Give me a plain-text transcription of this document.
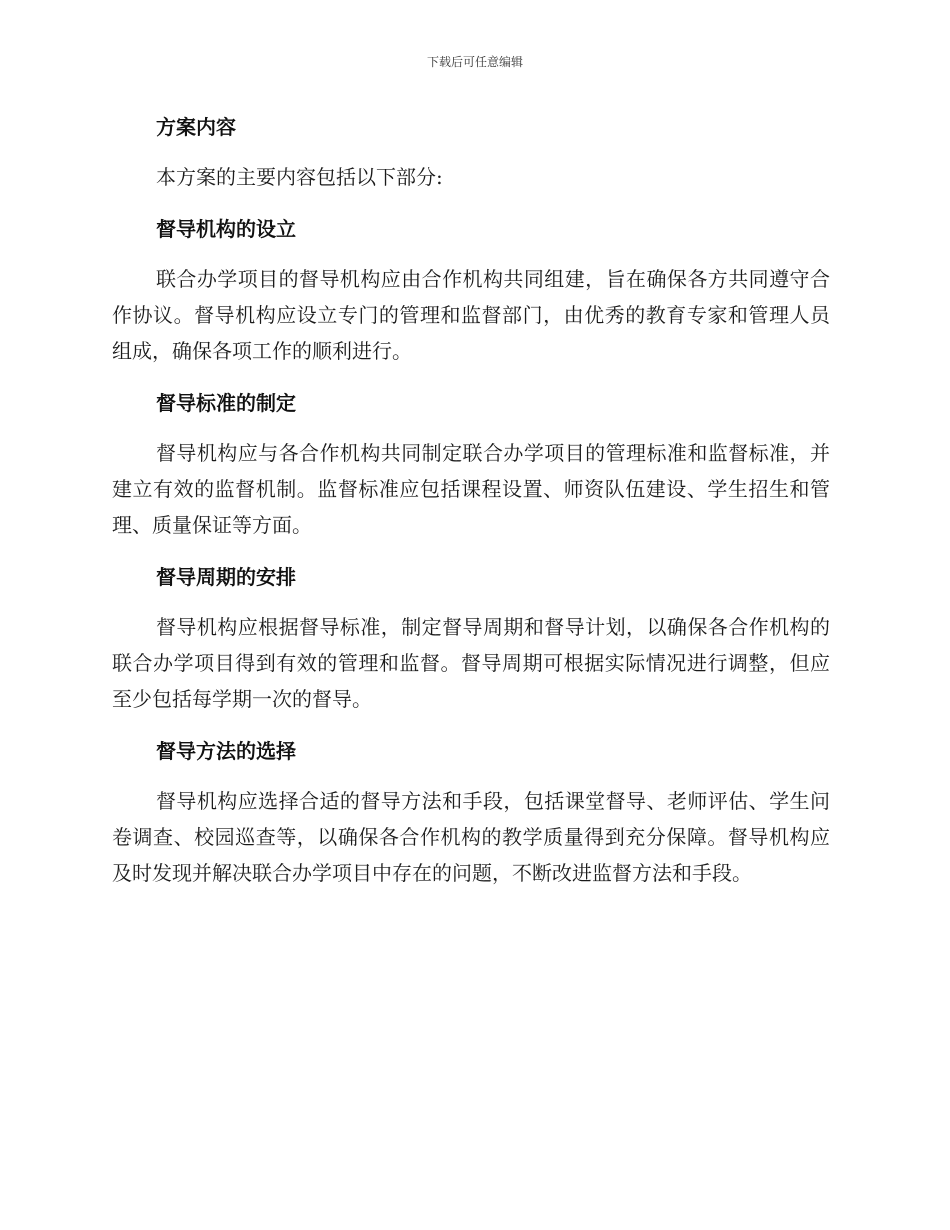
下载后可任意编辑
方案内容

本方案的主要内容包括以下部分:

督导机构的设立

联合办学项目的督导机构应由合作机构共同组建，旨在确保各方共同遵守合作协议。督导机构应设立专门的管理和监督部门，由优秀的教育专家和管理人员组成，确保各项工作的顺利进行。

督导标准的制定

督导机构应与各合作机构共同制定联合办学项目的管理标准和监督标准，并建立有效的监督机制。监督标准应包括课程设置、师资队伍建设、学生招生和管理、质量保证等方面。

督导周期的安排

督导机构应根据督导标准，制定督导周期和督导计划，以确保各合作机构的联合办学项目得到有效的管理和监督。督导周期可根据实际情况进行调整，但应至少包括每学期一次的督导。

督导方法的选择

督导机构应选择合适的督导方法和手段，包括课堂督导、老师评估、学生问卷调查、校园巡查等，以确保各合作机构的教学质量得到充分保障。督导机构应及时发现并解决联合办学项目中存在的问题，不断改进监督方法和手段。
